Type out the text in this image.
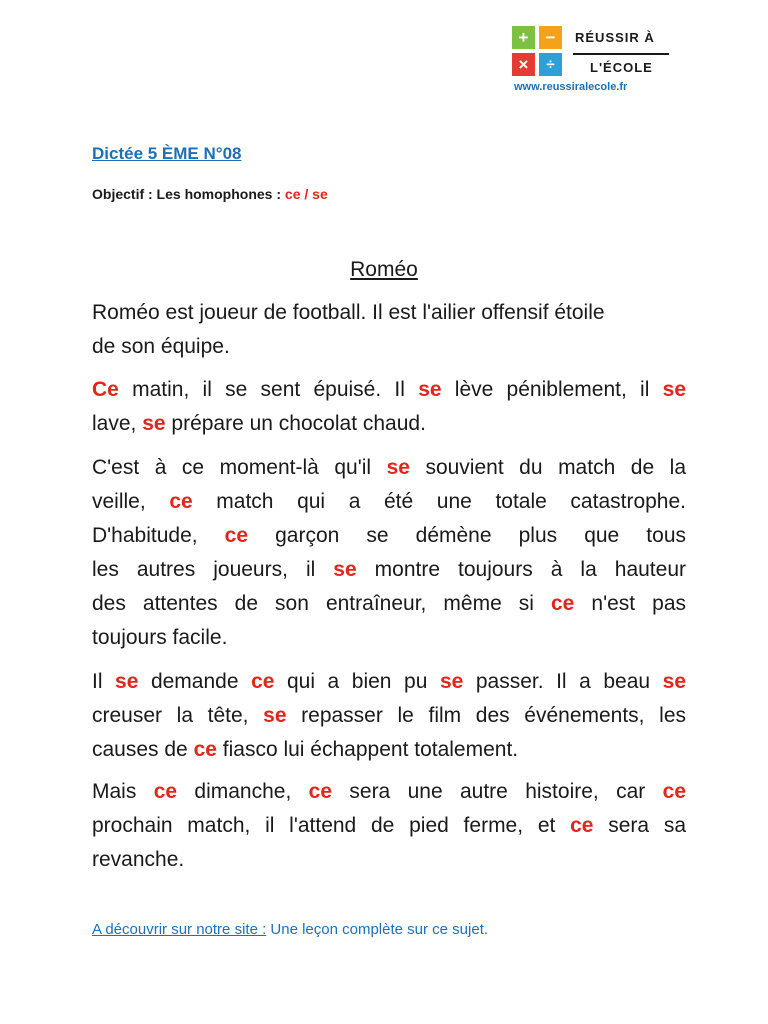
+	−
×	÷
RÉUSSIR À
L'ÉCOLE
www.reussiralecole.fr
Dictée 5 ÈME N°08
Objectif : Les homophones : ce / se
Roméo
Roméo est joueur de football. Il est l'ailier offensif étoile
de son équipe.
Ce matin, il se sent épuisé. Il se lève péniblement, il se
lave, se prépare un chocolat chaud.
C'est à ce moment-là qu'il se souvient du match de la
veille, ce match qui a été une totale catastrophe.
D'habitude, ce garçon se démène plus que tous
les autres joueurs, il se montre toujours à la hauteur
des attentes de son entraîneur, même si ce n'est pas
toujours facile.
Il se demande ce qui a bien pu se passer. Il a beau se
creuser la tête, se repasser le film des événements, les
causes de ce fiasco lui échappent totalement.
Mais ce dimanche, ce sera une autre histoire, car ce
prochain match, il l'attend de pied ferme, et ce sera sa
revanche.
A découvrir sur notre site : Une leçon complète sur ce sujet.
